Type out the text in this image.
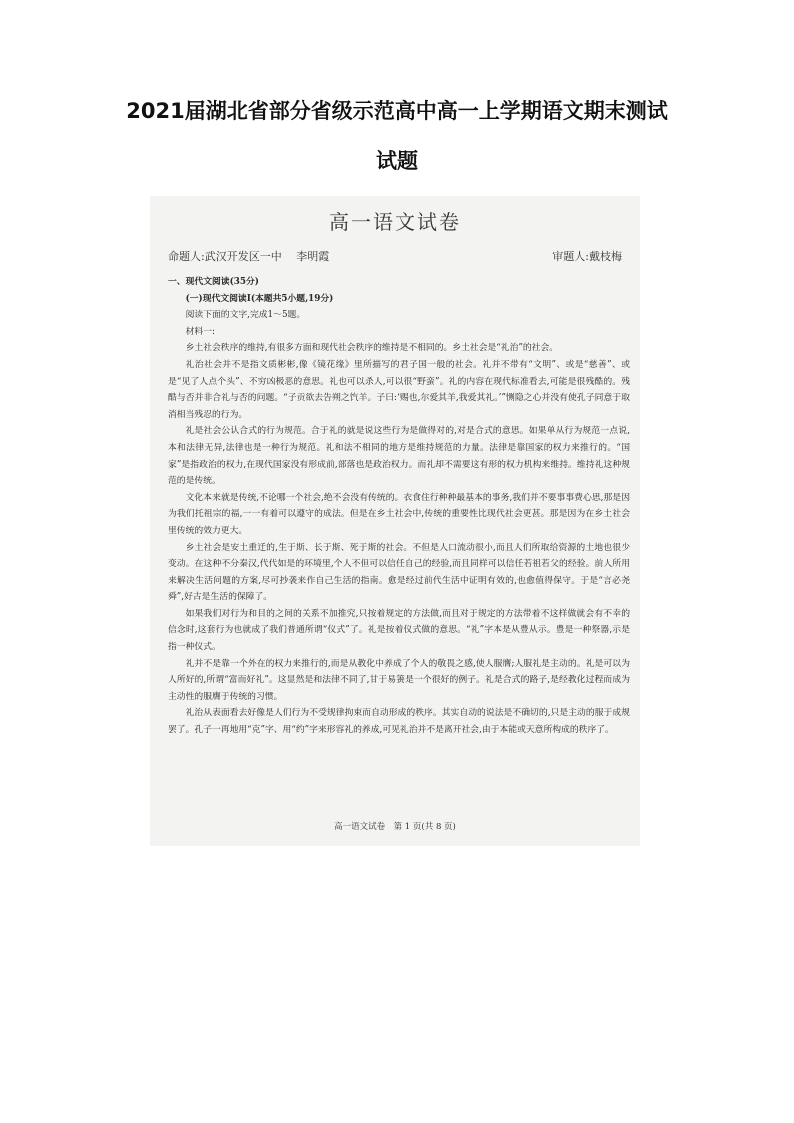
2021届湖北省部分省级示范高中高一上学期语文期末测试
试题
高一语文试卷
命题人:武汉开发区一中　 李明霞	审题人:戴枝梅

一、现代文阅读(35分)

(一)现代文阅读Ⅰ(本题共5小题,19分)

阅读下面的文字,完成1～5题。

材料一:

乡土社会秩序的维持,有很多方面和现代社会秩序的维持是不相同的。乡土社会是“礼治”的社会。

礼治社会并不是指文质彬彬,像《镜花缘》里所描写的君子国一般的社会。礼并不带有“文明”、或是“慈善”、或是“见了人点个头”、不穷凶极恶的意思。礼也可以杀人,可以很“野蛮”。礼的内容在现代标准看去,可能是很残酷的。残酷与否并非合礼与否的问题。“子贡欲去告朔之饩羊。子曰:‘赐也,尔爱其羊,我爱其礼。’”恻隐之心并没有使孔子同意于取消相当残忍的行为。

礼是社会公认合式的行为规范。合于礼的就是说这些行为是做得对的,对是合式的意思。如果单从行为规范一点说,本和法律无异,法律也是一种行为规范。礼和法不相同的地方是维持规范的力量。法律是靠国家的权力来推行的。“国家”是指政治的权力,在现代国家没有形成前,部落也是政治权力。而礼却不需要这有形的权力机构来维持。维持礼这种规范的是传统。

文化本来就是传统,不论哪一个社会,绝不会没有传统的。衣食住行种种最基本的事务,我们并不要事事费心思,那是因为我们托祖宗的福,一一有着可以遵守的成法。但是在乡土社会中,传统的重要性比现代社会更甚。那是因为在乡土社会里传统的效力更大。

乡土社会是安土重迁的,生于斯、长于斯、死于斯的社会。不但是人口流动很小,而且人们所取给资源的土地也很少变动。在这种不分秦汉,代代如是的环境里,个人不但可以信任自己的经验,而且同样可以信任若祖若父的经验。前人所用来解决生活问题的方案,尽可抄袭来作自己生活的指南。愈是经过前代生活中证明有效的,也愈值得保守。于是“言必尧舜”,好古是生活的保障了。

如果我们对行为和目的之间的关系不加推究,只按着规定的方法做,而且对于规定的方法带着不这样做就会有不幸的信念时,这套行为也就成了我们普通所谓“仪式”了。礼是按着仪式做的意思。“礼”字本是从豊从示。豊是一种祭器,示是指一种仪式。

礼并不是靠一个外在的权力来推行的,而是从教化中养成了个人的敬畏之感,使人服膺;人服礼是主动的。礼是可以为人所好的,所谓“富而好礼”。这显然是和法律不同了,甘于易箦是一个很好的例子。礼是合式的路子,是经教化过程而成为主动性的服膺于传统的习惯。

礼治从表面看去好像是人们行为不受规律拘束而自动形成的秩序。其实自动的说法是不确切的,只是主动的服于成规罢了。孔子一再地用“克”字、用“约”字来形容礼的养成,可见礼治并不是离开社会,由于本能或天意所构成的秩序了。

高一语文试卷　第 1 页(共 8 页)
